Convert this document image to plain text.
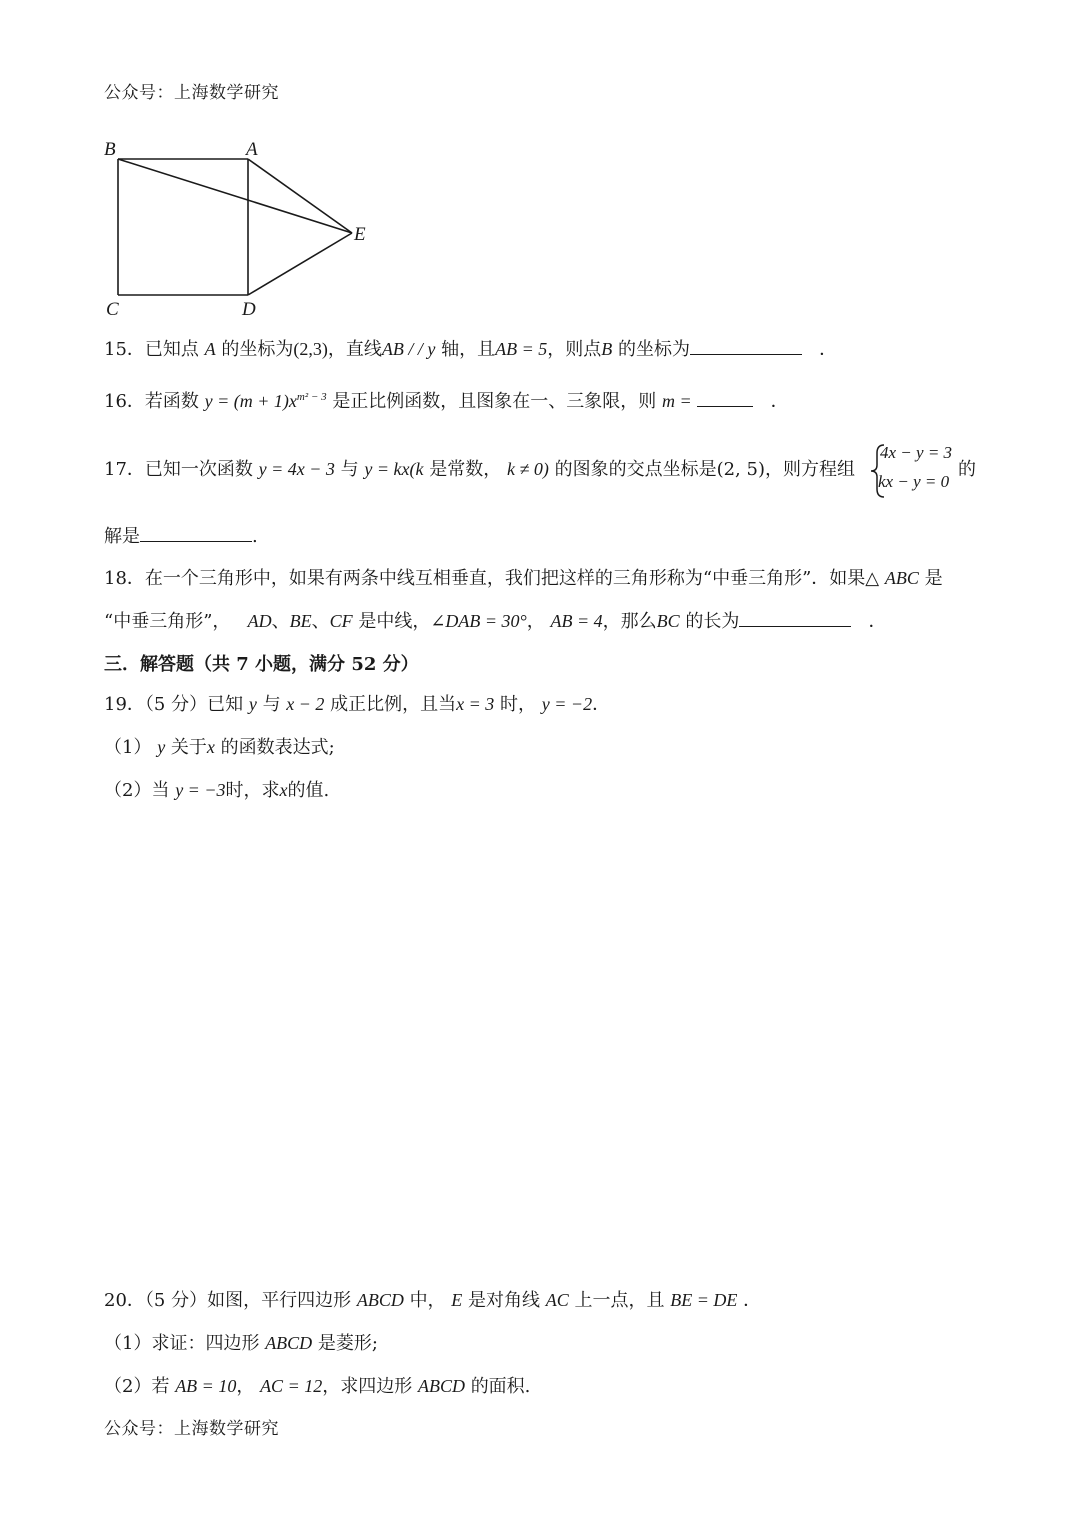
公众号：上海数学研究
B	A
E
C	D
15．已知点 A 的坐标为(2,3)，直线AB / / y 轴，且AB = 5，则点B 的坐标为	．
16．若函数 $y = (m + 1)x^{m^2 - 3}$ 是正比例函数，且图象在一、三象限，则 m =	．
17．已知一次函数 y = 4x − 3 与 y = kx(k 是常数， k ≠ 0) 的图象的交点坐标是(2, 5)，则方程组
4x − y = 3
kx − y = 0
的
解是	.
18．在一个三角形中，如果有两条中线互相垂直，我们把这样的三角形称为“中垂三角形”．如果△ ABC 是
“中垂三角形”， AD、BE、CF 是中线，∠DAB = 30°， AB = 4，那么BC 的长为	．
三．解答题（共 7 小题，满分 52 分）
19．（5 分）已知 y 与 x − 2 成正比例，且当x = 3 时， y = −2．
（1） y 关于x 的函数表达式;
（2）当 y = −3时，求x的值.
20．（5 分）如图，平行四边形 ABCD 中， E 是对角线 AC 上一点，且 BE = DE ．
（1）求证：四边形 ABCD 是菱形;
（2）若 AB = 10， AC = 12，求四边形 ABCD 的面积.
公众号：上海数学研究
